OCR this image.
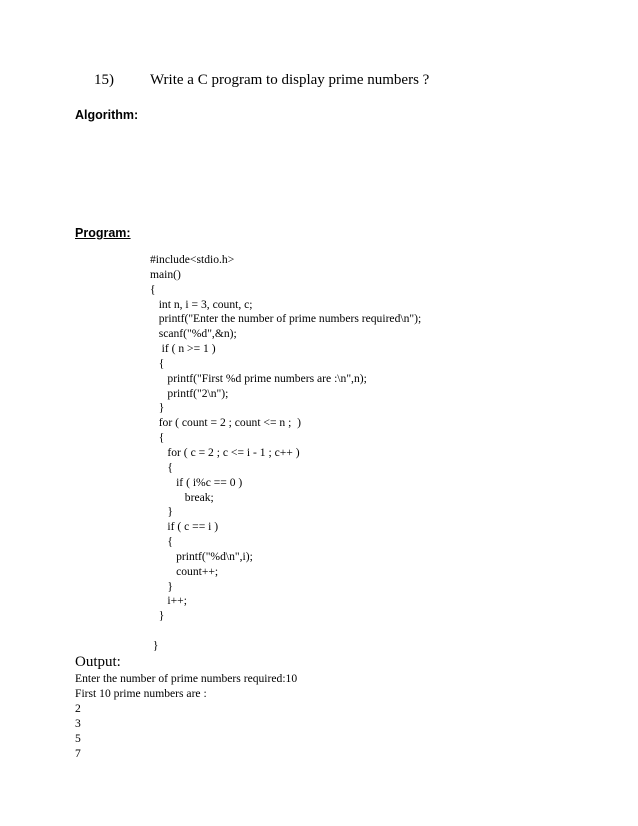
15) Write a C program to display prime numbers ?
Algorithm:
Program:
#include<stdio.h>
main()
{
int n, i = 3, count, c;
printf("Enter the number of prime numbers required\n");
scanf("%d",&n);
if ( n >= 1 )
{
printf("First %d prime numbers are :\n",n);
printf("2\n");
}
for ( count = 2 ; count <= n ;  )
{
for ( c = 2 ; c <= i - 1 ; c++ )
{
if ( i%c == 0 )
break;
}
if ( c == i )
{
printf("%d\n",i);
count++;
}
i++;
}
}
Output:
Enter the number of prime numbers required:10
First 10 prime numbers are :
2
3
5
7
